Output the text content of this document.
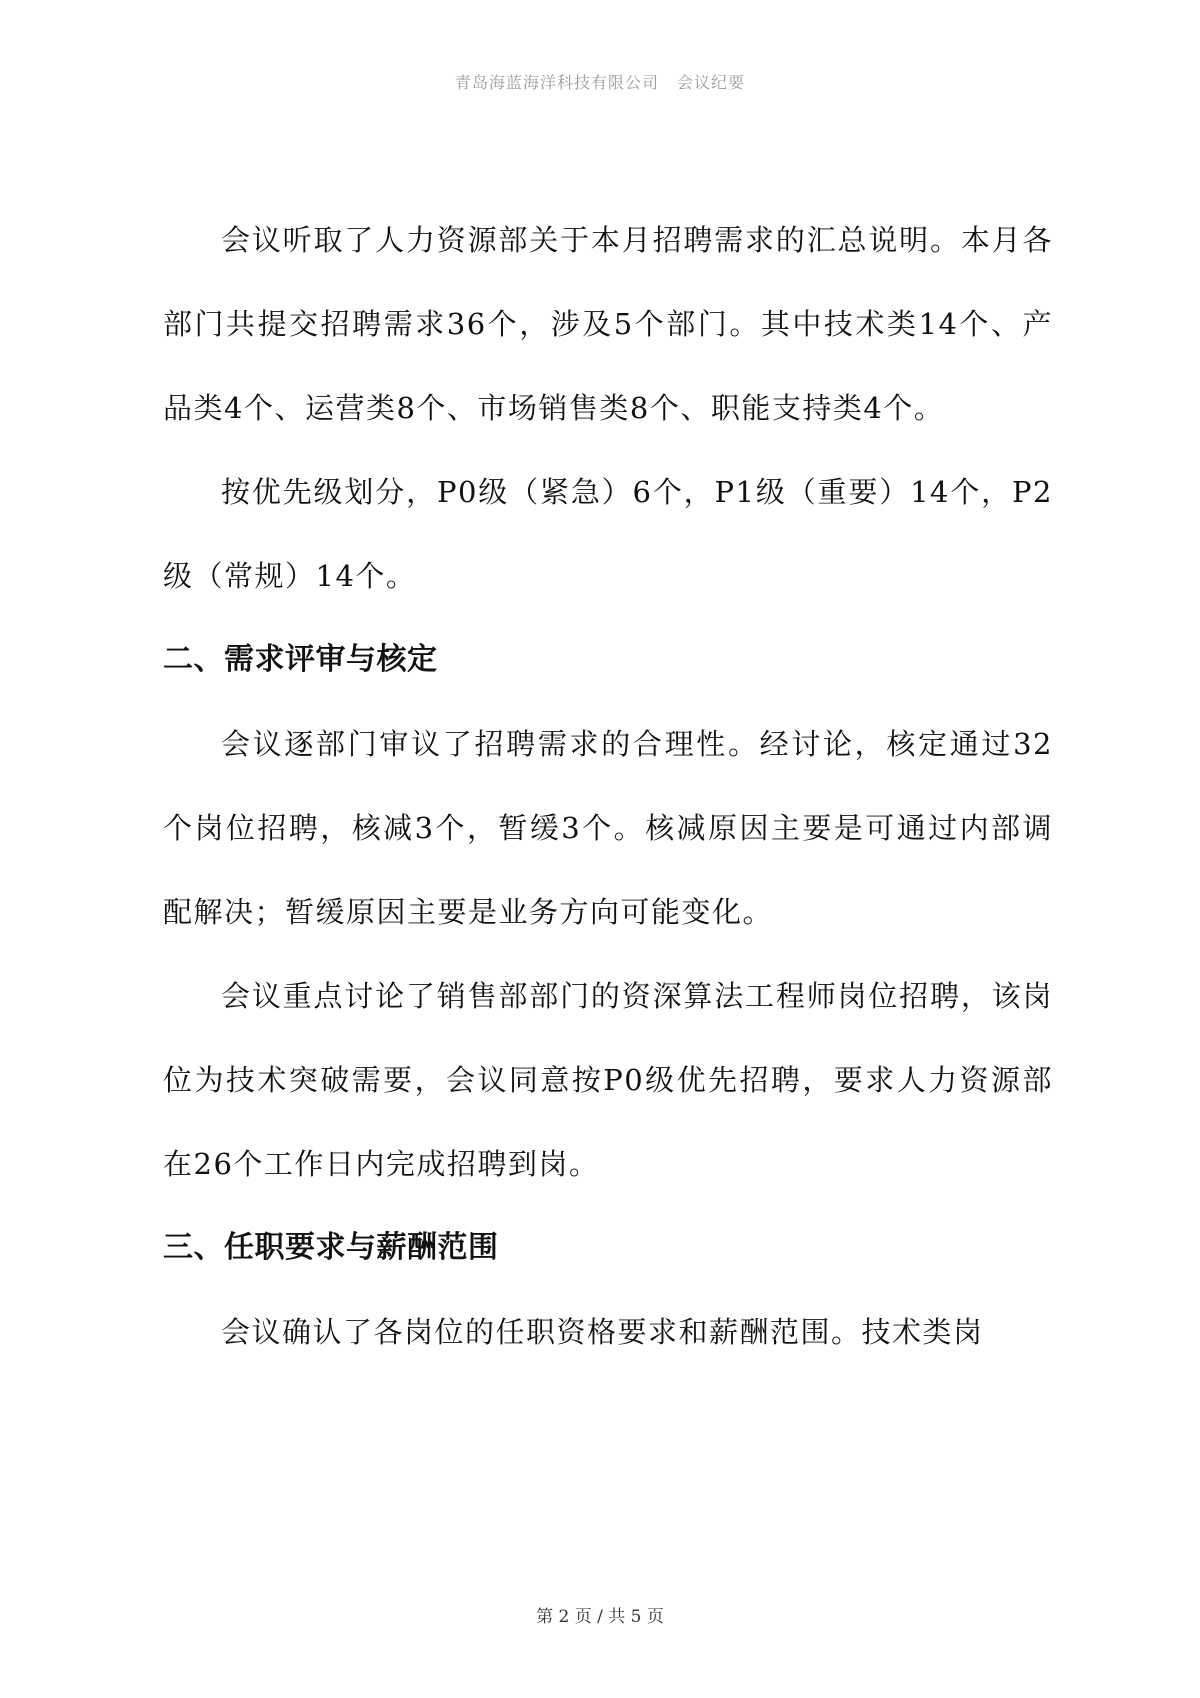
青岛海蓝海洋科技有限公司 会议纪要

会议听取了人力资源部关于本月招聘需求的汇总说明。本月各部门共提交招聘需求36个，涉及5个部门。其中技术类14个、产品类4个、运营类8个、市场销售类8个、职能支持类4个。

按优先级划分，P0级（紧急）6个，P1级（重要）14个，P2级（常规）14个。

二、需求评审与核定

会议逐部门审议了招聘需求的合理性。经讨论，核定通过32个岗位招聘，核减3个，暂缓3个。核减原因主要是可通过内部调配解决；暂缓原因主要是业务方向可能变化。

会议重点讨论了销售部部门的资深算法工程师岗位招聘，该岗位为技术突破需要，会议同意按P0级优先招聘，要求人力资源部在26个工作日内完成招聘到岗。

三、任职要求与薪酬范围

会议确认了各岗位的任职资格要求和薪酬范围。技术类岗

第 2 页 / 共 5 页
